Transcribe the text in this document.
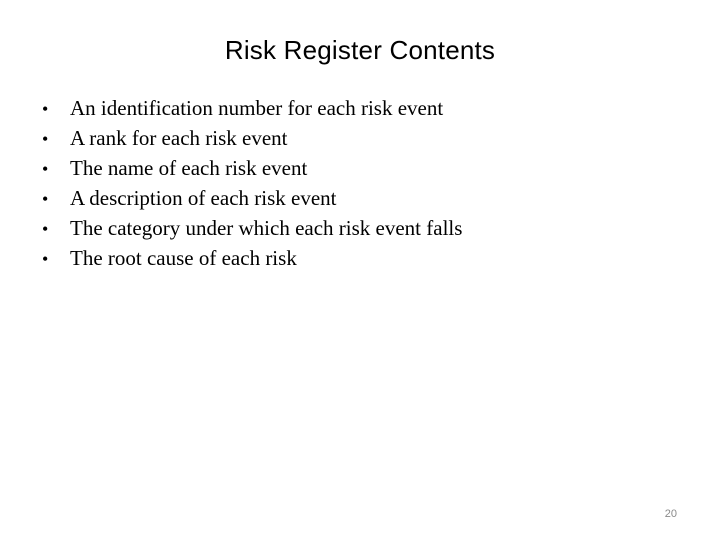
Risk Register Contents
•	An identification number for each risk event
•	A rank for each risk event
•	The name of each risk event
•	A description of each risk event
•	The category under which each risk event falls
•	The root cause of each risk
20
